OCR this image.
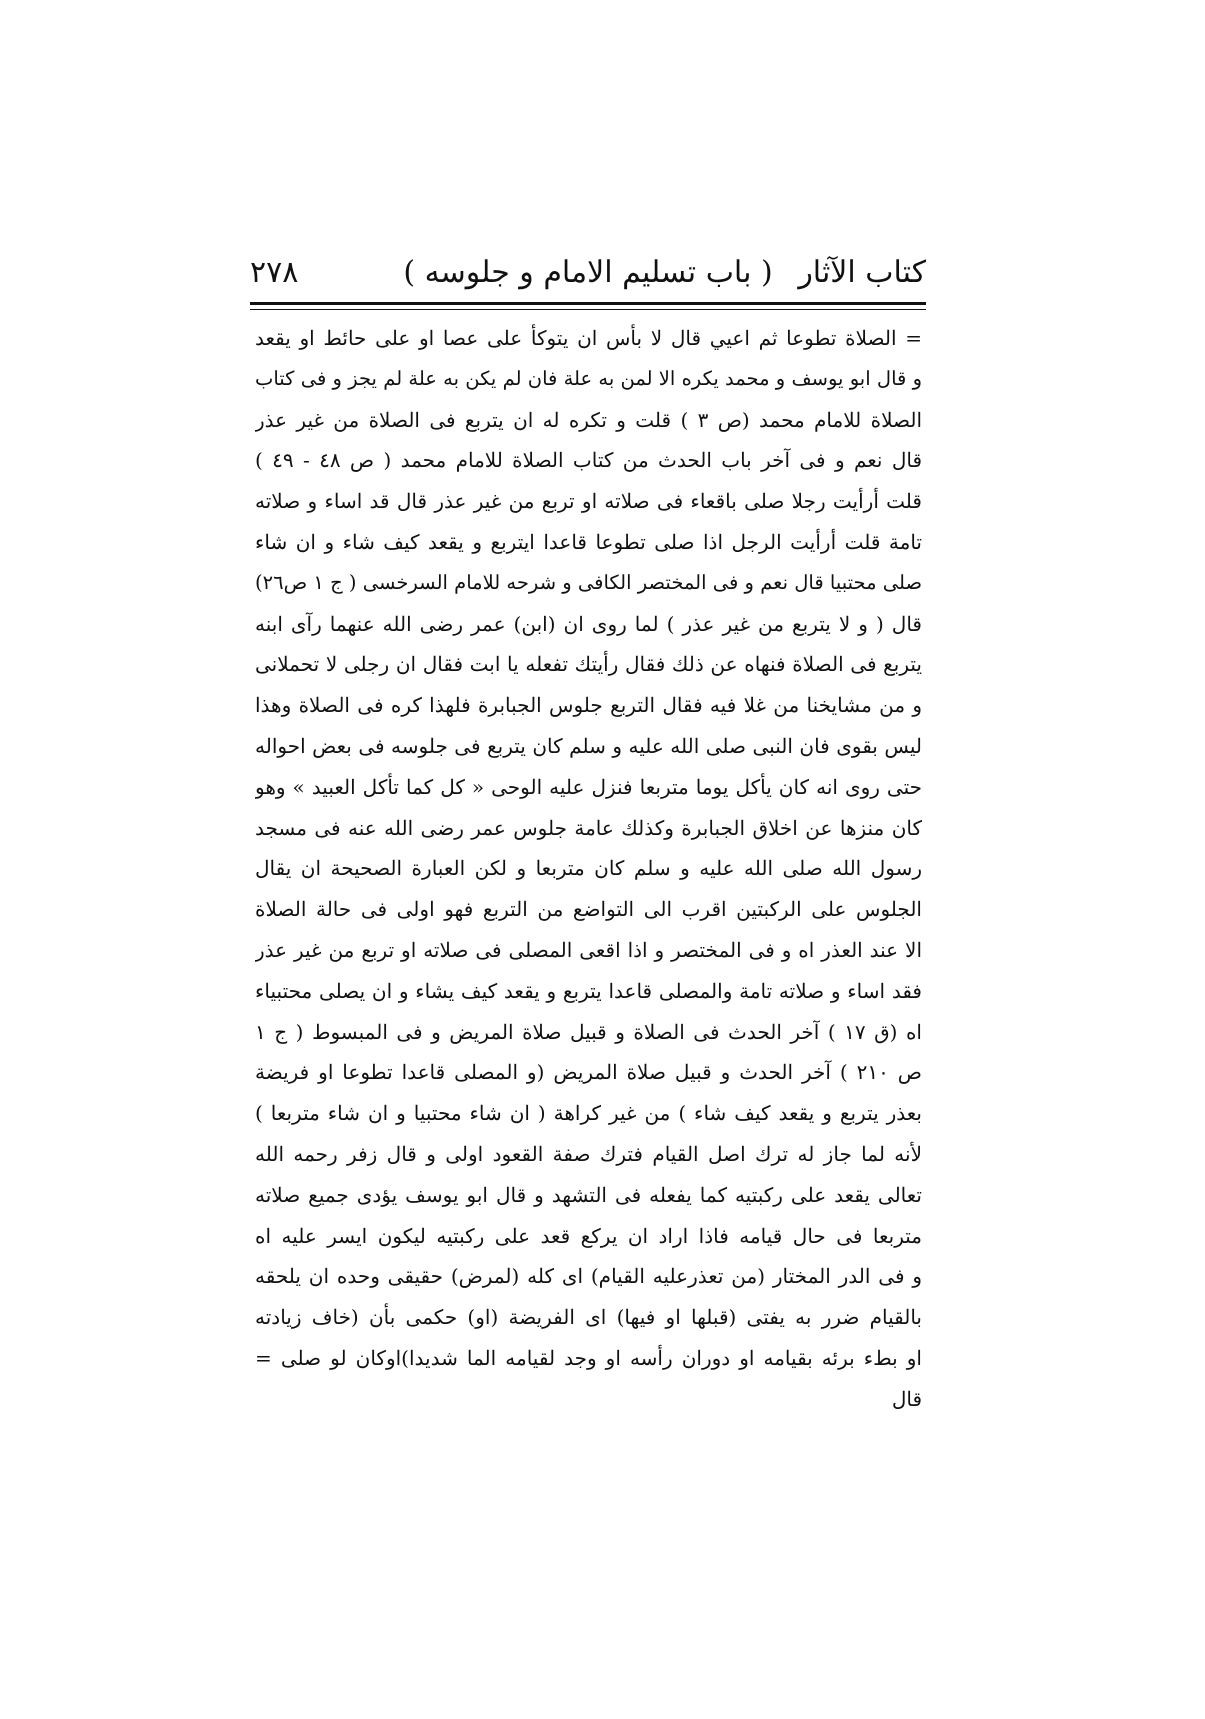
كتاب الآثار
( باب تسليم الامام و جلوسه )
٢٧٨
= الصلاة تطوعا ثم اعيي قال لا بأس ان يتوكأ على عصا او على حائط او يقعد
و قال ابو يوسف و محمد يكره الا لمن به علة فان لم يكن به علة لم يجز و فى كتاب
الصلاة للامام محمد (ص ٣ ) قلت و تكره له ان يتربع فى الصلاة من غير عذر
قال نعم و فى آخر باب الحدث من كتاب الصلاة للامام محمد ( ص ٤٨ - ٤٩ )
قلت أرأيت رجلا صلى باقعاء فى صلاته او تربع من غير عذر قال قد اساء و صلاته
تامة قلت أرأيت الرجل اذا صلى تطوعا قاعدا ايتربع و يقعد كيف شاء و ان شاء
صلى محتبيا قال نعم و فى المختصر الكافى و شرحه للامام السرخسى ( ج ١ ص٢٦)
قال ( و لا يتربع من غير عذر ) لما روى ان (ابن) عمر رضى الله عنهما رآى ابنه
يتربع فى الصلاة فنهاه عن ذلك فقال رأيتك تفعله يا ابت فقال ان رجلى لا تحملانى
و من مشايخنا من غلا فيه فقال التربع جلوس الجبابرة فلهذا كره فى الصلاة وهذا
ليس بقوى فان النبى صلى الله عليه و سلم كان يتربع فى جلوسه فى بعض احواله
حتى روى انه كان يأكل يوما متربعا فنزل عليه الوحى « كل كما تأكل العبيد » وهو
كان منزها عن اخلاق الجبابرة وكذلك عامة جلوس عمر رضى الله عنه فى مسجد
رسول الله صلى الله عليه و سلم كان متربعا و لكن العبارة الصحيحة ان يقال
الجلوس على الركبتين اقرب الى التواضع من التربع فهو اولى فى حالة الصلاة
الا عند العذر اه و فى المختصر و اذا اقعى المصلى فى صلاته او تربع من غير عذر
فقد اساء و صلاته تامة والمصلى قاعدا يتربع و يقعد كيف يشاء و ان يصلى محتبياء
اه (ق ١٧ ) آخر الحدث فى الصلاة و قبيل صلاة المريض و فى المبسوط ( ج ١
ص ٢١٠ ) آخر الحدث و قبيل صلاة المريض (و المصلى قاعدا تطوعا او فريضة
بعذر يتربع و يقعد كيف شاء ) من غير كراهة ( ان شاء محتبيا و ان شاء متربعا )
لأنه لما جاز له ترك اصل القيام فترك صفة القعود اولى و قال زفر رحمه الله
تعالى يقعد على ركبتيه كما يفعله فى التشهد و قال ابو يوسف يؤدى جميع صلاته
متربعا فى حال قيامه فاذا اراد ان يركع قعد على ركبتيه ليكون ايسر عليه اه
و فى الدر المختار (من تعذرعليه القيام) اى كله (لمرض) حقيقى وحده ان يلحقه
بالقيام ضرر به يفتى (قبلها او فيها) اى الفريضة (او) حكمى بأن (خاف زيادته
او بطء برئه بقيامه او دوران رأسه او وجد لقيامه الما شديدا)اوكان لو صلى =
قال
